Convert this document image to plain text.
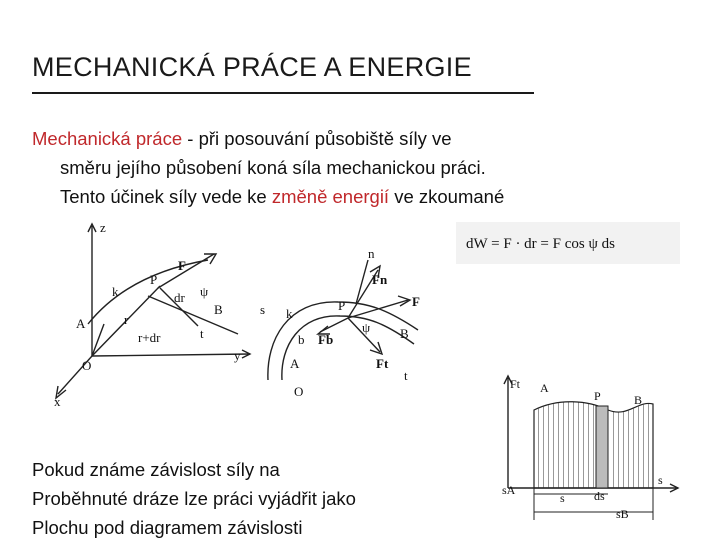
MECHANICKÁ PRÁCE A ENERGIE
Mechanická práce - při posouvání působiště síly ve
směru jejího působení koná síla mechanickou práci.
Tento účinek síly vede ke změně energií ve zkoumané
z
F
k
P
dr ψ
A	r
B
r+dr	t
y
O
x
n
Fn
F
P
s k
ψ B
b Fb
A	Ft
t
O
dW = F · dr = F cos ψ ds
Ft A
P	B
sA
s ds
sB
s
Pokud známe závislost síly na
Proběhnuté dráze lze práci vyjádřit jako
Plochu pod diagramem závislosti
